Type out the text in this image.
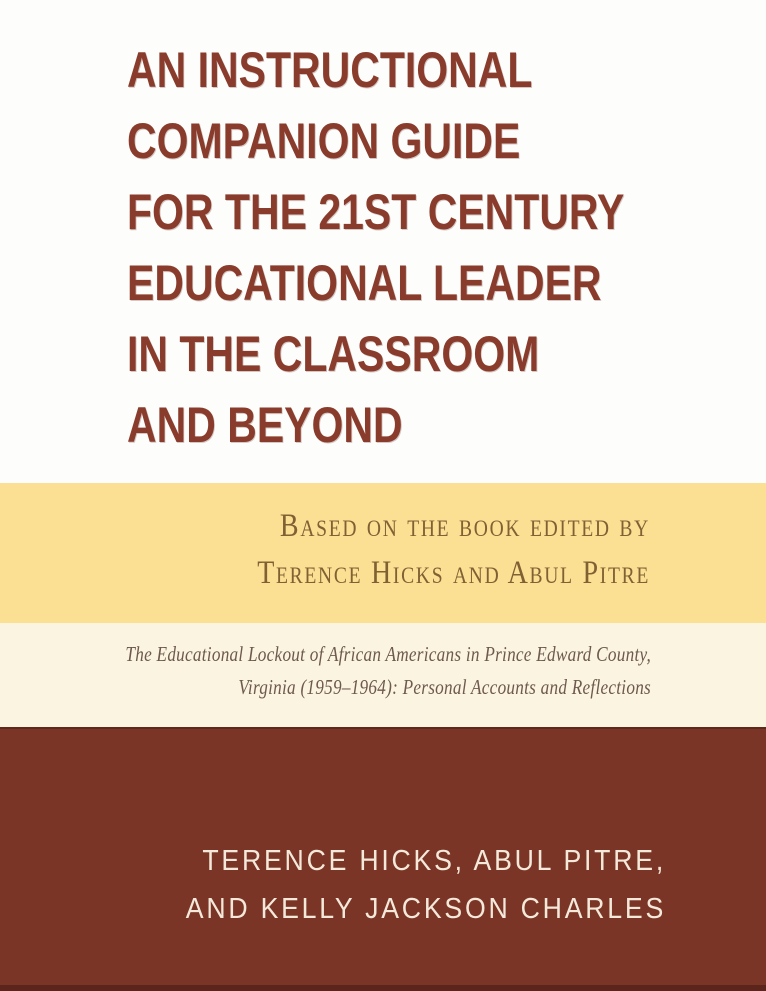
AN INSTRUCTIONAL
COMPANION GUIDE
FOR THE 21ST CENTURY
EDUCATIONAL LEADER
IN THE CLASSROOM
AND BEYOND
Based on the book edited by
Terence Hicks and Abul Pitre
The Educational Lockout of African Americans in Prince Edward County,
Virginia (1959–1964): Personal Accounts and Reflections
TERENCE HICKS, ABUL PITRE,
AND KELLY JACKSON CHARLES
